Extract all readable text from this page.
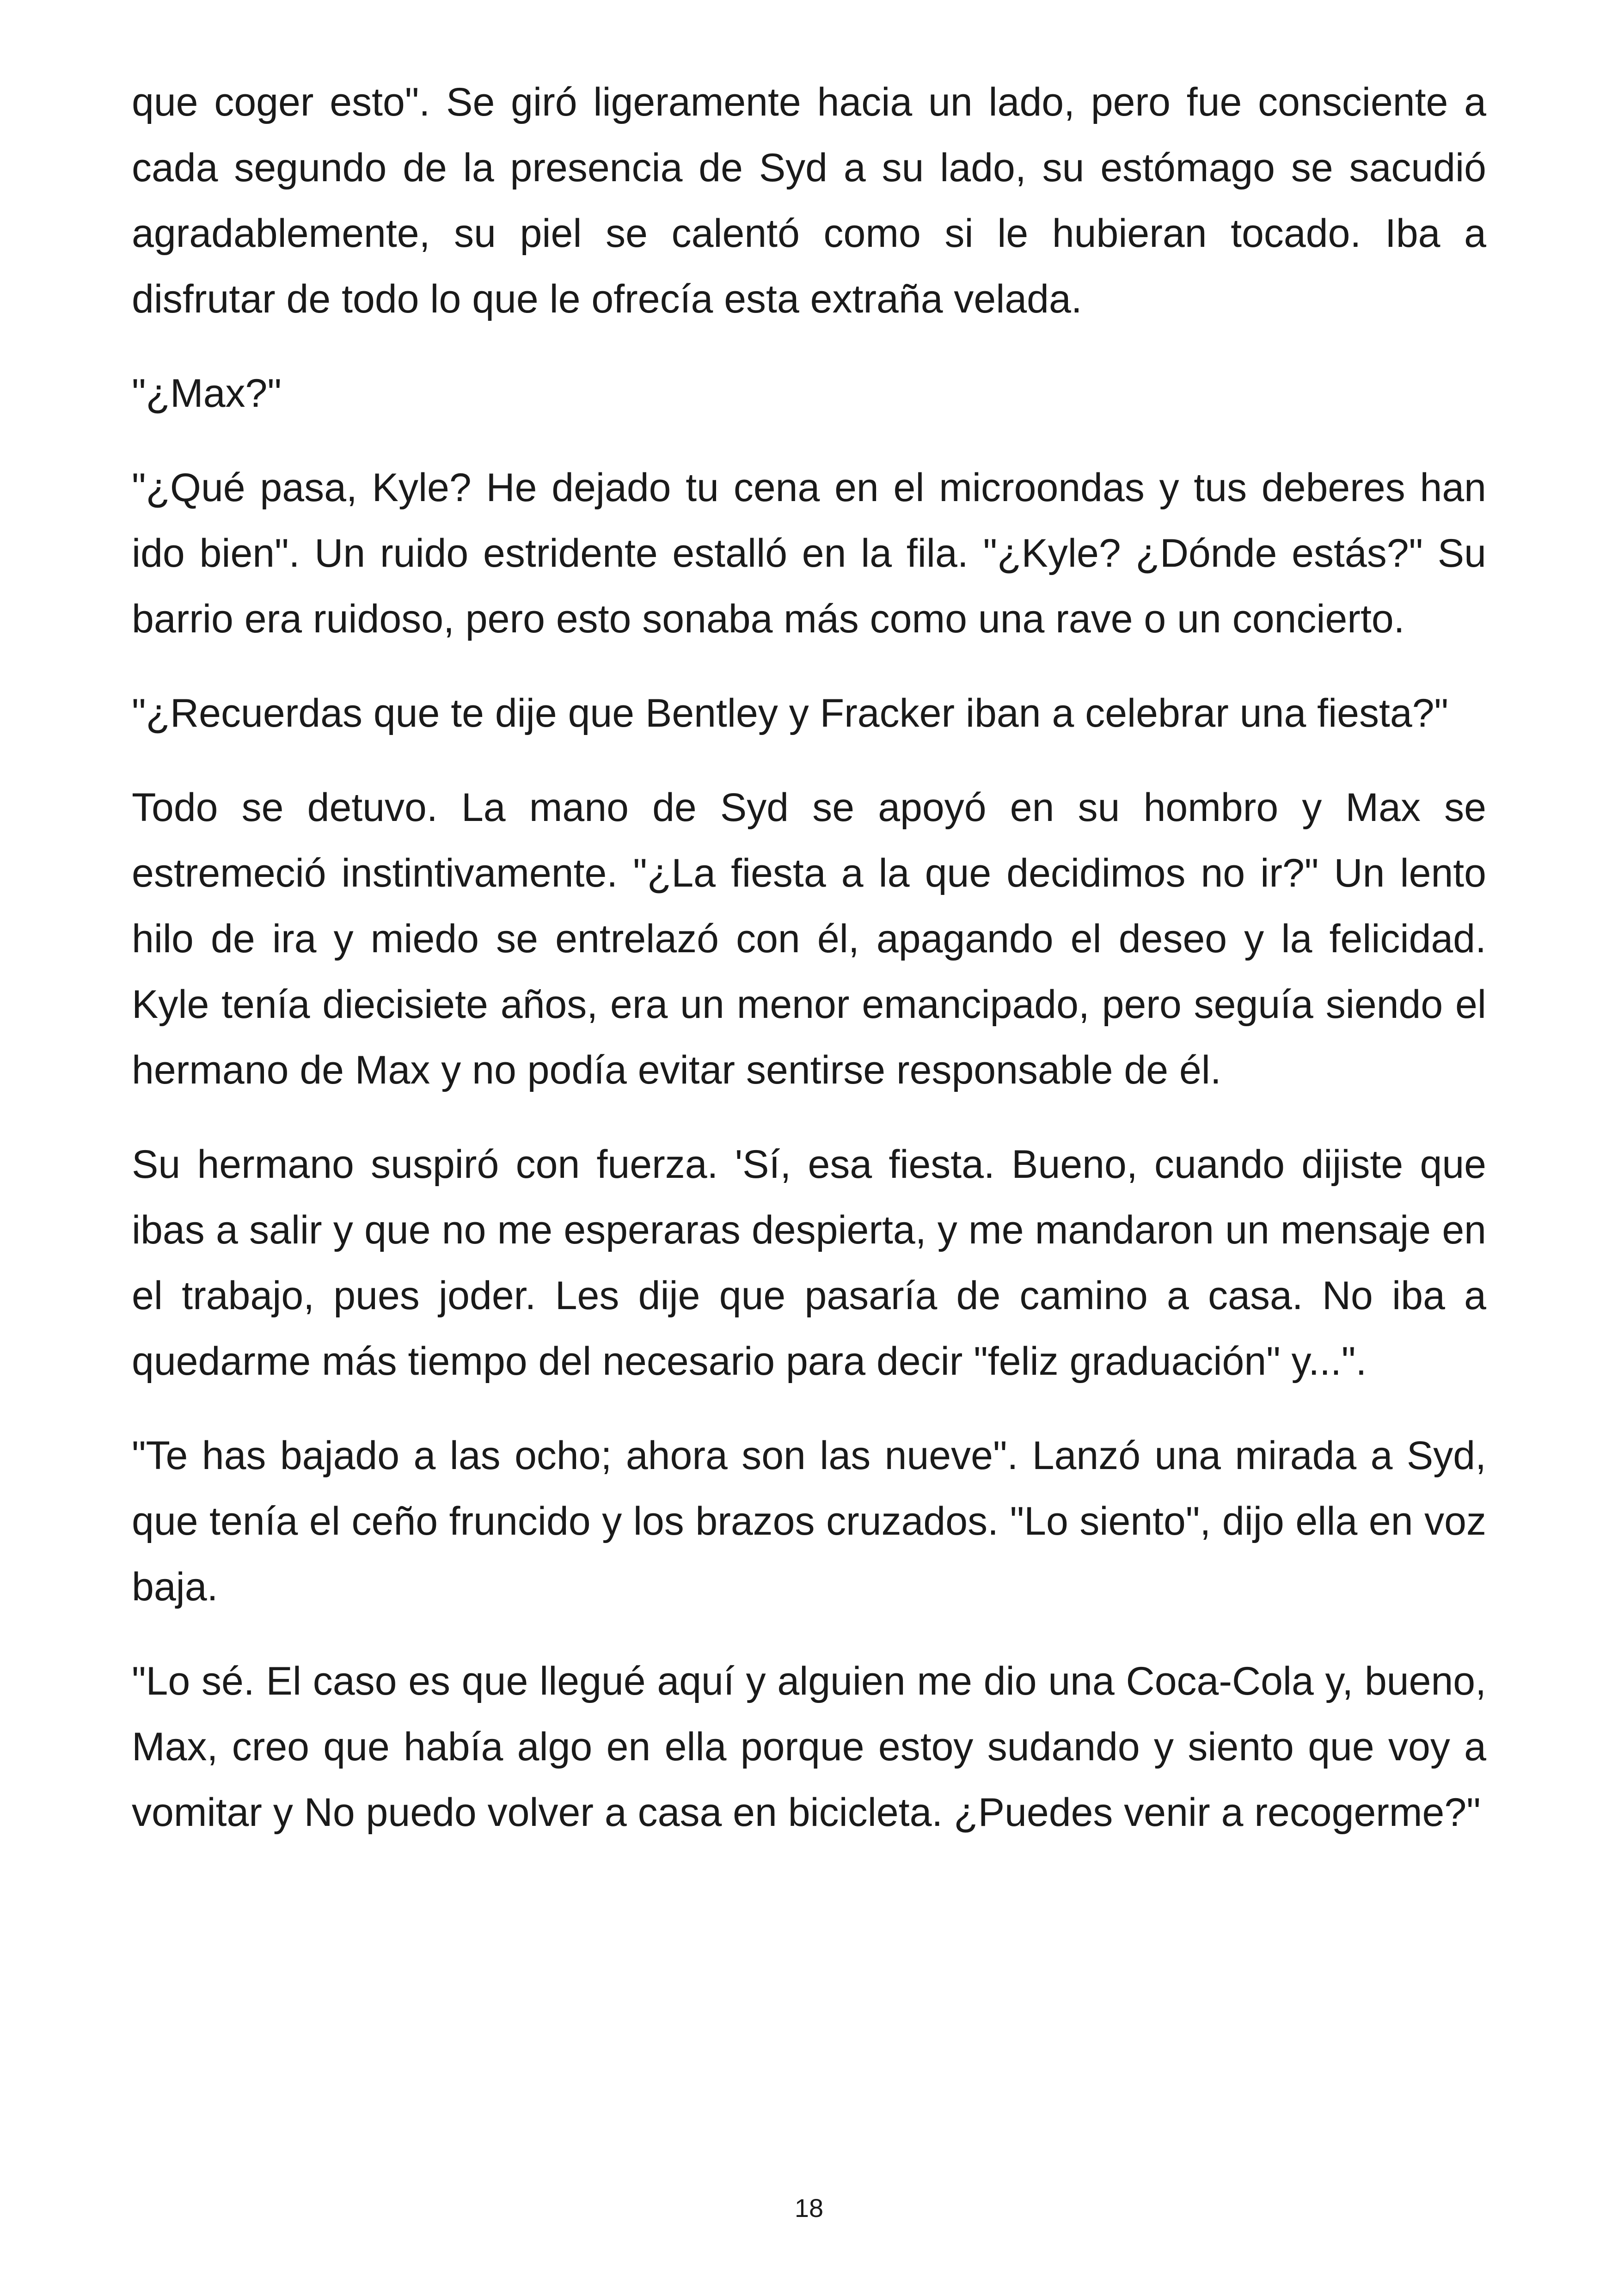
que coger esto". Se giró ligeramente hacia un lado, pero fue consciente a cada segundo de la presencia de Syd a su lado, su estómago se sacudió agradablemente, su piel se calentó como si le hubieran tocado. Iba a disfrutar de todo lo que le ofrecía esta extraña velada.

"¿Max?"

"¿Qué pasa, Kyle? He dejado tu cena en el microondas y tus deberes han ido bien". Un ruido estridente estalló en la fila. "¿Kyle? ¿Dónde estás?" Su barrio era ruidoso, pero esto sonaba más como una rave o un concierto.

"¿Recuerdas que te dije que Bentley y Fracker iban a celebrar una fiesta?"

Todo se detuvo. La mano de Syd se apoyó en su hombro y Max se estremeció instintivamente. "¿La fiesta a la que decidimos no ir?" Un lento hilo de ira y miedo se entrelazó con él, apagando el deseo y la felicidad. Kyle tenía diecisiete años, era un menor emancipado, pero seguía siendo el hermano de Max y no podía evitar sentirse responsable de él.

Su hermano suspiró con fuerza. 'Sí, esa fiesta. Bueno, cuando dijiste que ibas a salir y que no me esperaras despierta, y me mandaron un mensaje en el trabajo, pues joder. Les dije que pasaría de camino a casa. No iba a quedarme más tiempo del necesario para decir "feliz graduación" y...".

"Te has bajado a las ocho; ahora son las nueve". Lanzó una mirada a Syd, que tenía el ceño fruncido y los brazos cruzados. "Lo siento", dijo ella en voz baja.

"Lo sé. El caso es que llegué aquí y alguien me dio una Coca-Cola y, bueno, Max, creo que había algo en ella porque estoy sudando y siento que voy a vomitar y No puedo volver a casa en bicicleta. ¿Puedes venir a recogerme?"

18
